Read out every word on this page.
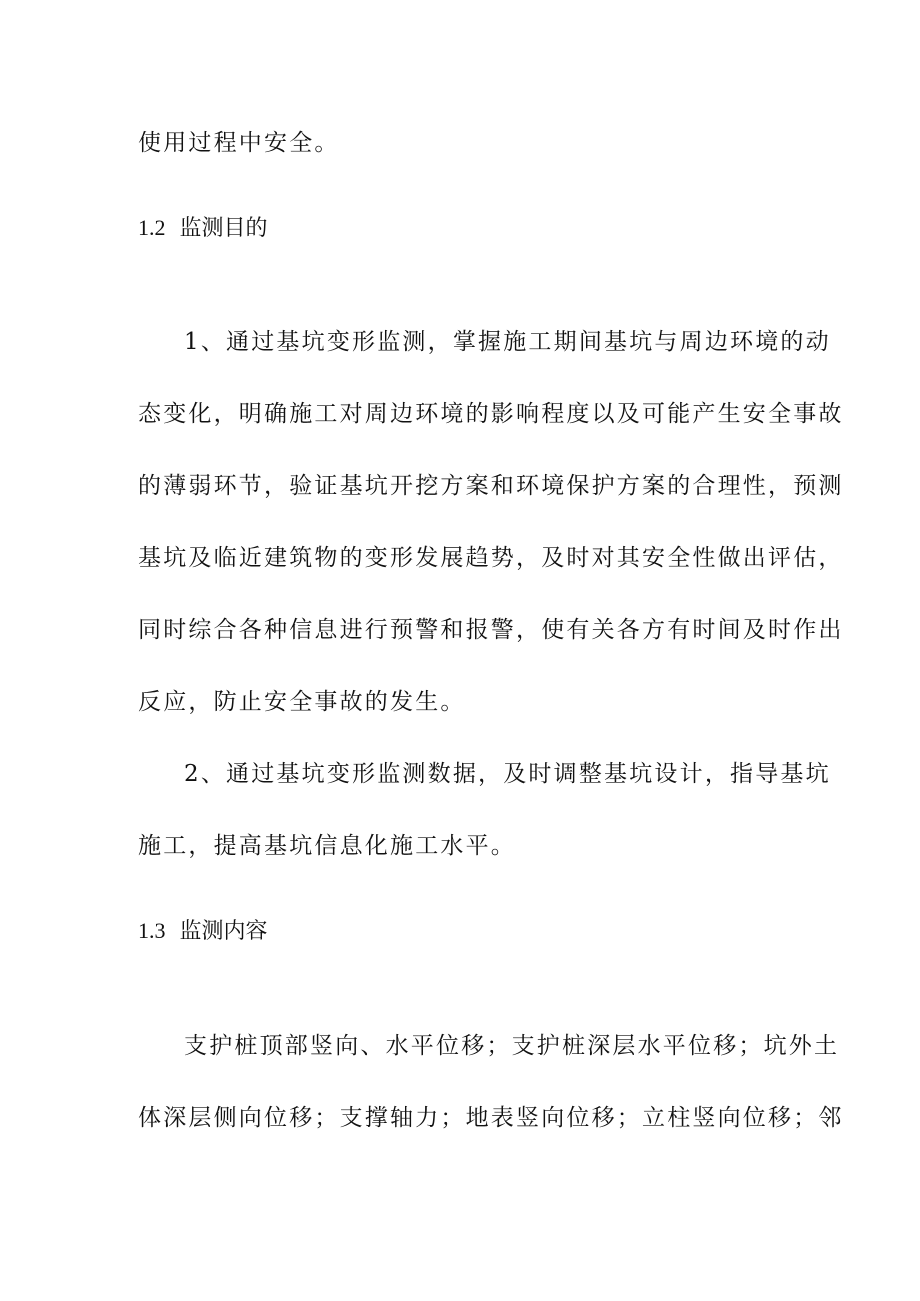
使用过程中安全。
1.2 监测目的
1、通过基坑变形监测，掌握施工期间基坑与周边环境的动
态变化，明确施工对周边环境的影响程度以及可能产生安全事故
的薄弱环节，验证基坑开挖方案和环境保护方案的合理性，预测
基坑及临近建筑物的变形发展趋势，及时对其安全性做出评估，
同时综合各种信息进行预警和报警，使有关各方有时间及时作出
反应，防止安全事故的发生。
2、通过基坑变形监测数据，及时调整基坑设计，指导基坑
施工，提高基坑信息化施工水平。
1.3 监测内容
支护桩顶部竖向、水平位移；支护桩深层水平位移；坑外土
体深层侧向位移；支撑轴力；地表竖向位移；立柱竖向位移；邻
